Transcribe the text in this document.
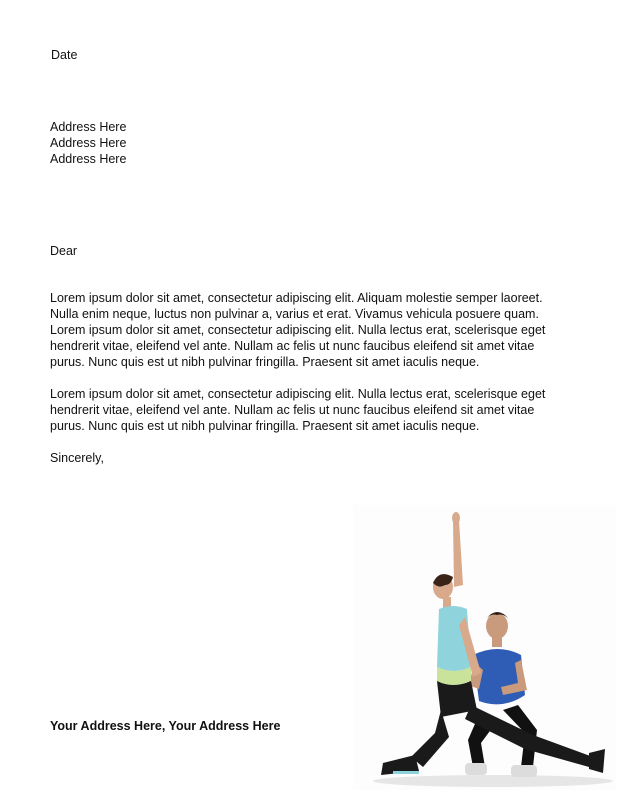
Date
Address Here
Address Here
Address Here
Dear

Lorem ipsum dolor sit amet, consectetur adipiscing elit. Aliquam molestie semper laoreet. Nulla enim neque, luctus non pulvinar a, varius et erat. Vivamus vehicula posuere quam. Lorem ipsum dolor sit amet, consectetur adipiscing elit. Nulla lectus erat, scelerisque eget hendrerit vitae, eleifend vel ante. Nullam ac felis ut nunc faucibus eleifend sit amet vitae purus. Nunc quis est ut nibh pulvinar fringilla. Praesent sit amet iaculis neque.

Lorem ipsum dolor sit amet, consectetur adipiscing elit. Nulla lectus erat, scelerisque eget hendrerit vitae, eleifend vel ante. Nullam ac felis ut nunc faucibus eleifend sit amet vitae purus. Nunc quis est ut nibh pulvinar fringilla. Praesent sit amet iaculis neque.

Sincerely,
Your Address Here, Your Address Here
